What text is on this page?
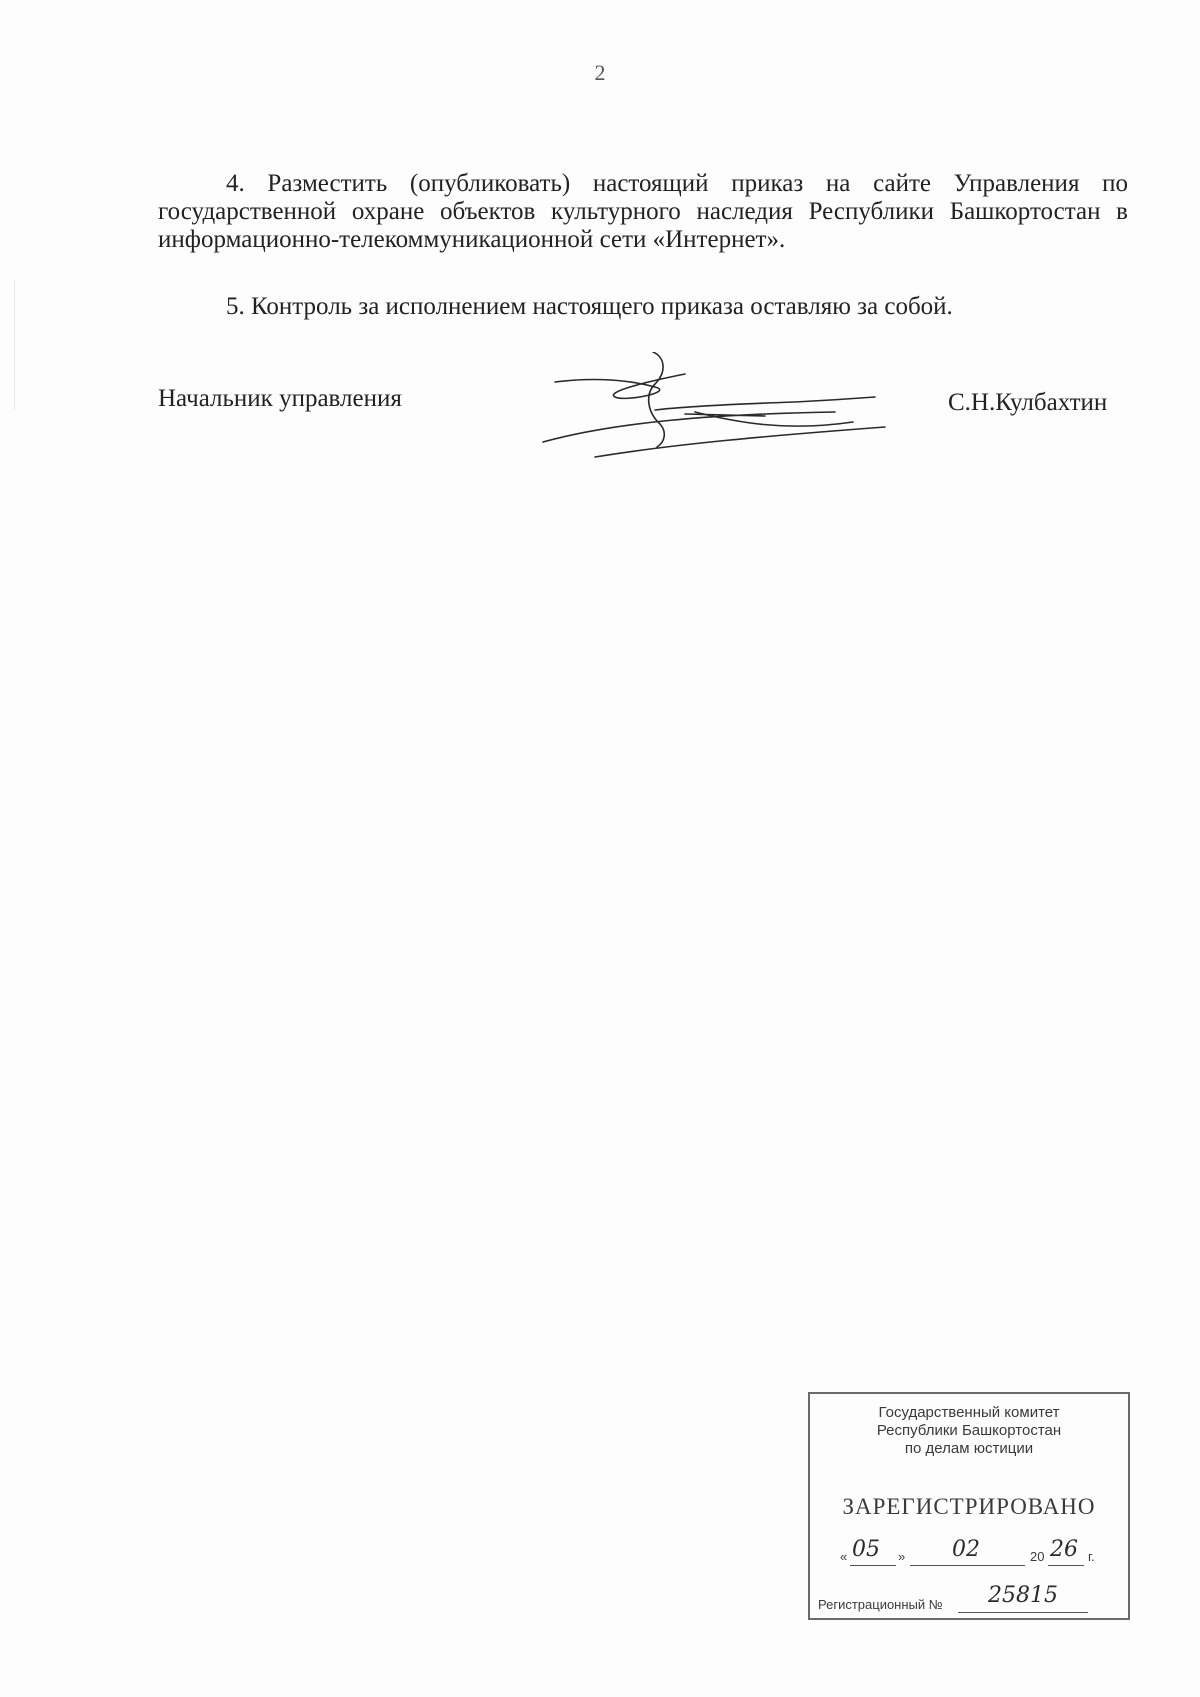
2

4. Разместить (опубликовать) настоящий приказ на сайте Управления по государственной охране объектов культурного наследия Республики Башкортостан в информационно-телекоммуникационной сети «Интернет».

5. Контроль за исполнением настоящего приказа оставляю за собой.

Начальник управления	С.Н.Кулбахтин
Государственный комитет
Республики Башкортостан
по делам юстиции
ЗАРЕГИСТРИРОВАНО
« 05 » 02	20 26 г.
Регистрационный № 25815
